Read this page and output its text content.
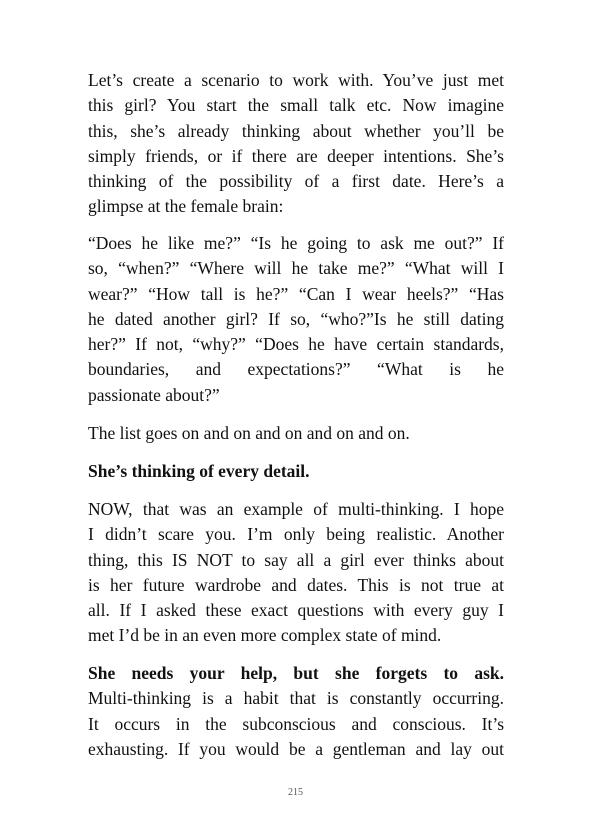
Let’s create a scenario to work with. You’ve just met
this girl? You start the small talk etc. Now imagine
this, she’s already thinking about whether you’ll be
simply friends, or if there are deeper intentions. She’s
thinking of the possibility of a first date. Here’s a
glimpse at the female brain:
“Does he like me?” “Is he going to ask me out?” If
so, “when?” “Where will he take me?” “What will I
wear?” “How tall is he?” “Can I wear heels?” “Has
he dated another girl? If so, “who?”Is he still dating
her?” If not, “why?” “Does he have certain standards,
boundaries, and expectations?” “What is he
passionate about?”
The list goes on and on and on and on and on.
She’s thinking of every detail.
NOW, that was an example of multi-thinking. I hope
I didn’t scare you. I’m only being realistic. Another
thing, this IS NOT to say all a girl ever thinks about
is her future wardrobe and dates. This is not true at
all. If I asked these exact questions with every guy I
met I’d be in an even more complex state of mind.
She needs your help, but she forgets to ask.
Multi-thinking is a habit that is constantly occurring.
It occurs in the subconscious and conscious. It’s
exhausting. If you would be a gentleman and lay out
215
